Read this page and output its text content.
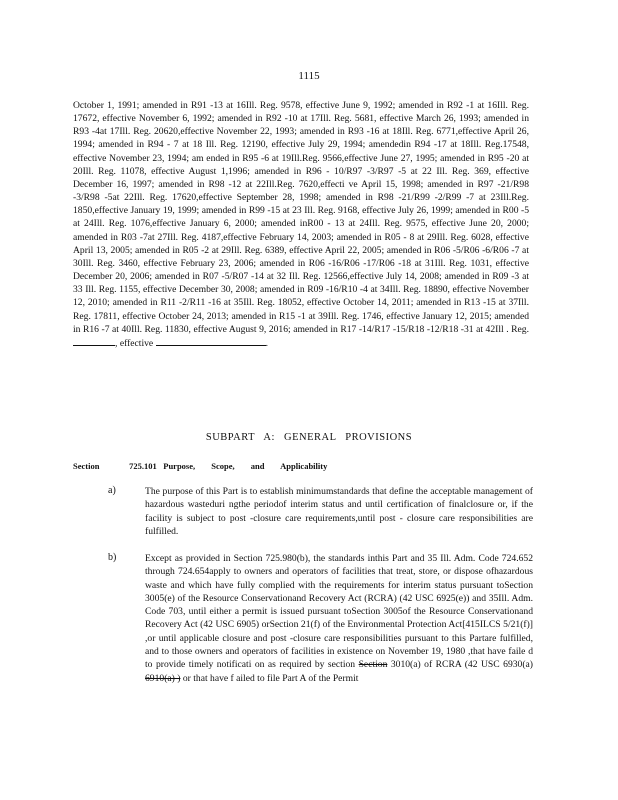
1115

October 1, 1991; amended in R91 -13 at 16Ill. Reg. 9578, effective June 9, 1992; amended in R92 -1 at 16Ill. Reg. 17672, effective November 6, 1992; amended in R92 -10 at 17Ill. Reg. 5681, effective March 26, 1993; amended in R93 -4at 17Ill. Reg. 20620,effective November 22, 1993; amended in R93 -16 at 18Ill. Reg. 6771,effective April 26, 1994; amended in R94 - 7 at 18 Ill. Reg. 12190, effective July 29, 1994; amendedin R94 -17 at 18Ill. Reg.17548, effective November 23, 1994; am ended in R95 -6 at 19Ill.Reg. 9566,effective June 27, 1995; amended in R95 -20 at 20Ill. Reg. 11078, effective August 1,1996; amended in R96 - 10/R97 -3/R97 -5 at 22 Ill. Reg. 369, effective December 16, 1997; amended in R98 -12 at 22Ill.Reg. 7620,effecti ve April 15, 1998; amended in R97 -21/R98 -3/R98 -5at 22Ill. Reg. 17620,effective September 28, 1998; amended in R98 -21/R99 -2/R99 -7 at 23Ill.Reg. 1850,effective January 19, 1999; amended in R99 -15 at 23 Ill. Reg. 9168, effective July 26, 1999; amended in R00 -5 at 24Ill. Reg. 1076,effective January 6, 2000; amended inR00 - 13 at 24Ill. Reg. 9575, effective June 20, 2000; amended in R03 -7at 27Ill. Reg. 4187,effective February 14, 2003; amended in R05 - 8 at 29Ill. Reg. 6028, effective April 13, 2005; amended in R05 -2 at 29Ill. Reg. 6389, effective April 22, 2005; amended in R06 -5/R06 -6/R06 -7 at 30Ill. Reg. 3460, effective February 23, 2006; amended in R06 -16/R06 -17/R06 -18 at 31Ill. Reg. 1031, effective December 20, 2006; amended in R07 -5/R07 -14 at 32 Ill. Reg. 12566,effective July 14, 2008; amended in R09 -3 at 33 Ill. Reg. 1155, effective December 30, 2008; amended in R09 -16/R10 -4 at 34Ill. Reg. 18890, effective November 12, 2010; amended in R11 -2/R11 -16 at 35Ill. Reg. 18052, effective October 14, 2011; amended in R13 -15 at 37Ill. Reg. 17811, effective October 24, 2013; amended in R15 -1 at 39Ill. Reg. 1746, effective January 12, 2015; amended in R16 -7 at 40Ill. Reg. 11830, effective August 9, 2016; amended in R17 -14/R17 -15/R18 -12/R18 -31 at 42Ill . Reg. , effective	.

SUBPART A: GENERAL PROVISIONS
Section	725.101 Purpose, Scope, and Applicability
a)	The purpose of this Part is to establish minimumstandards that define the acceptable management of hazardous wasteduri ngthe periodof interim status and until certification of finalclosure or, if the facility is subject to post -closure care requirements,until post - closure care responsibilities are fulfilled.

b)	Except as provided in Section 725.980(b), the standards inthis Part and 35 Ill. Adm. Code 724.652 through 724.654apply to owners and operators of facilities that treat, store, or dispose ofhazardous waste and which have fully complied with the requirements for interim status pursuant toSection 3005(e) of the Resource Conservationand Recovery Act (RCRA) (42 USC 6925(e)) and 35Ill. Adm. Code 703, until either a permit is issued pursuant toSection 3005of the Resource Conservationand Recovery Act (42 USC 6905) orSection 21(f) of the Environmental Protection Act[415ILCS 5/21(f)] ,or until applicable closure and post -closure care responsibilities pursuant to this Partare fulfilled, and to those owners and operators of facilities in existence on November 19, 1980 ,that have faile d to provide timely notificati on as required by section Section 3010(a) of RCRA (42 USC 6930(a) 6910(a) ) or that have f ailed to file Part A of the Permit
